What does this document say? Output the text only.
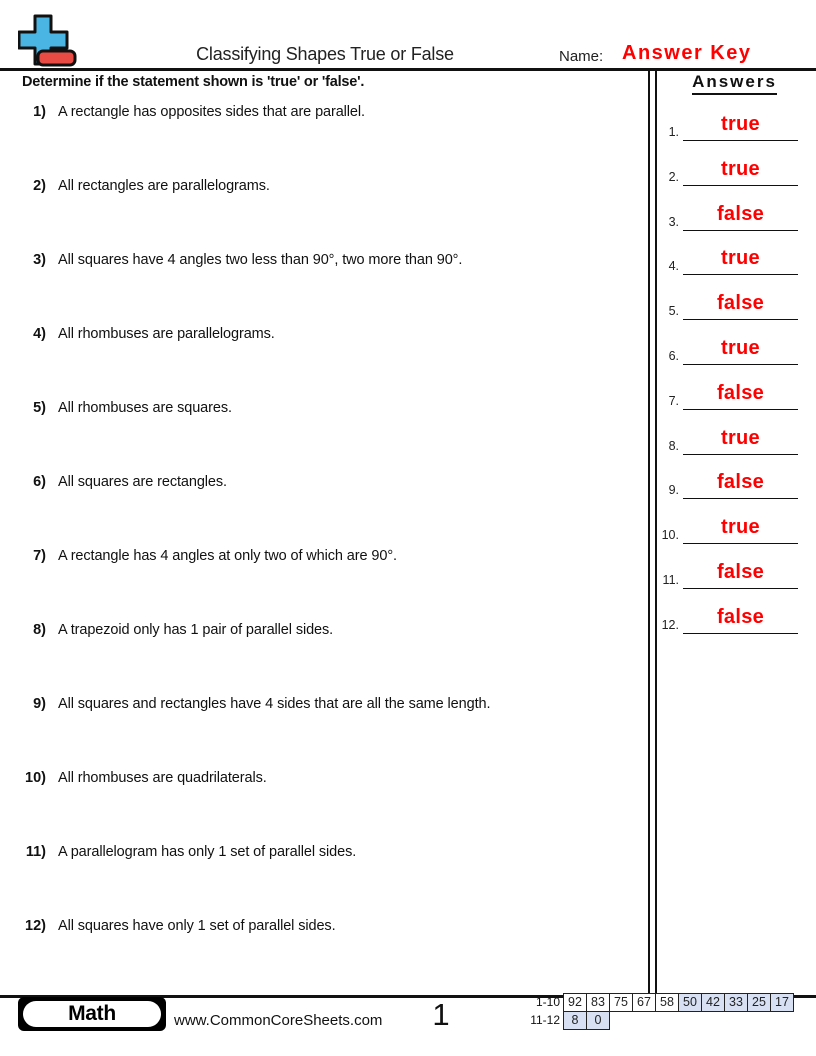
Classifying Shapes True or False	Name: Answer Key
Determine if the statement shown is 'true' or 'false'.
1) A rectangle has opposites sides that are parallel.
2) All rectangles are parallelograms.
3) All squares have 4 angles two less than 90°, two more than 90°.
4) All rhombuses are parallelograms.
5) All rhombuses are squares.
6) All squares are rectangles.
7) A rectangle has 4 angles at only two of which are 90°.
8) A trapezoid only has 1 pair of parallel sides.
9) All squares and rectangles have 4 sides that are all the same length.
10) All rhombuses are quadrilaterals.
11) A parallelogram has only 1 set of parallel sides.
12) All squares have only 1 set of parallel sides.
Answers
1.	true
2.	true
3.	false
4.	true
5.	false
6.	true
7.	false
8.	true
9.	false
10.	true
11.	false
12.	false
Math	www.CommonCoreSheets.com	1	1-10 92 83 75 67 58 50 42 33 25 17
11-12 8	0
